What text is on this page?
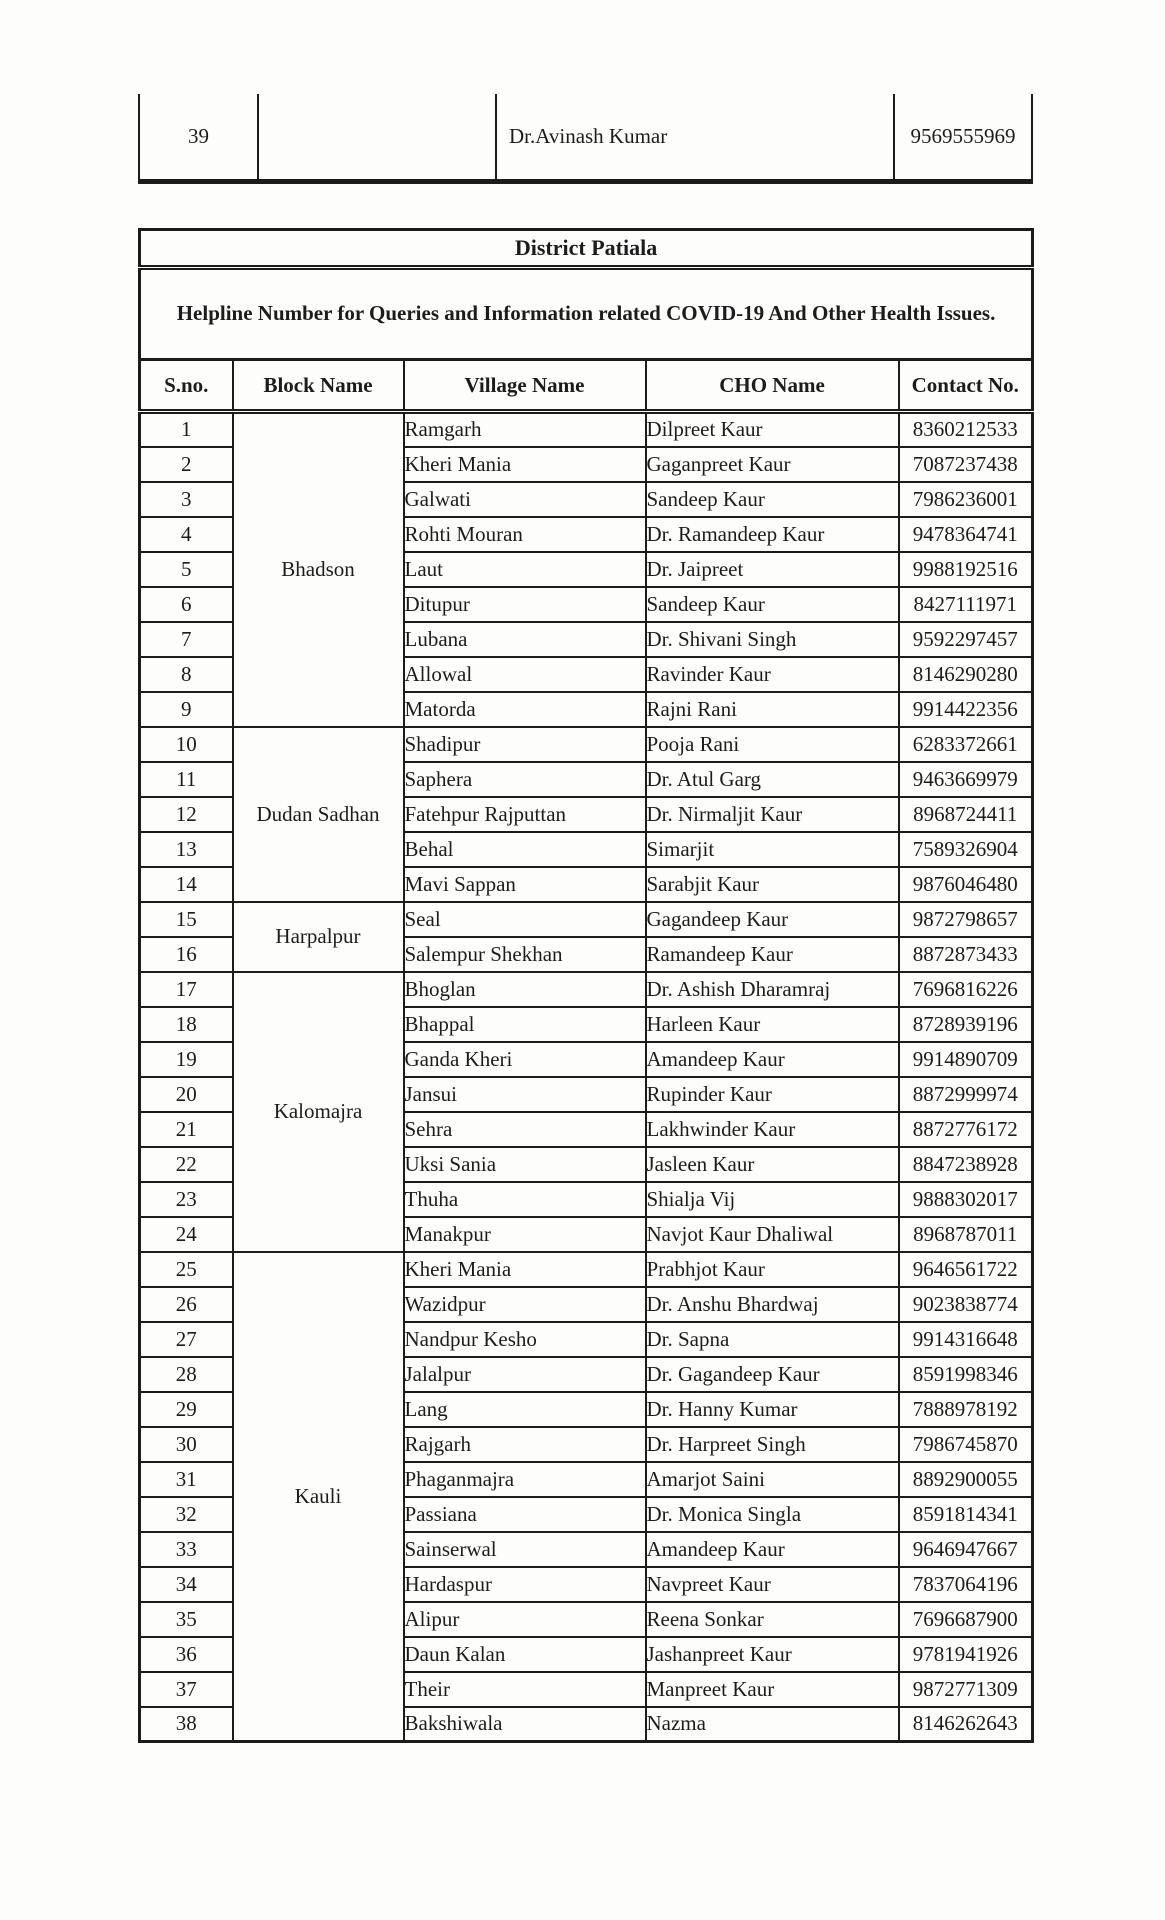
39		Dr.Avinash Kumar	9569555969
District Patiala				
Helpline Number for Queries and Information related COVID-19 And Other Health Issues.				
S.no.	Block Name	Village Name	CHO Name	Contact No.
1	Bhadson	Ramgarh	Dilpreet Kaur	8360212533
2		Kheri Mania	Gaganpreet Kaur	7087237438
3		Galwati	Sandeep Kaur	7986236001
4		Rohti Mouran	Dr. Ramandeep Kaur	9478364741
5		Laut	Dr. Jaipreet	9988192516
6		Ditupur	Sandeep Kaur	8427111971
7		Lubana	Dr. Shivani Singh	9592297457
8		Allowal	Ravinder Kaur	8146290280
9		Matorda	Rajni Rani	9914422356
10	Dudan Sadhan	Shadipur	Pooja Rani	6283372661
11		Saphera	Dr. Atul Garg	9463669979
12		Fatehpur Rajputtan	Dr. Nirmaljit Kaur	8968724411
13		Behal	Simarjit	7589326904
14		Mavi Sappan	Sarabjit Kaur	9876046480
15	Harpalpur	Seal	Gagandeep Kaur	9872798657
16		Salempur Shekhan	Ramandeep Kaur	8872873433
17	Kalomajra	Bhoglan	Dr. Ashish Dharamraj	7696816226
18		Bhappal	Harleen Kaur	8728939196
19		Ganda Kheri	Amandeep Kaur	9914890709
20		Jansui	Rupinder Kaur	8872999974
21		Sehra	Lakhwinder Kaur	8872776172
22		Uksi Sania	Jasleen Kaur	8847238928
23		Thuha	Shialja Vij	9888302017
24		Manakpur	Navjot Kaur Dhaliwal	8968787011
25	Kauli	Kheri Mania	Prabhjot Kaur	9646561722
26		Wazidpur	Dr. Anshu Bhardwaj	9023838774
27		Nandpur Kesho	Dr. Sapna	9914316648
28		Jalalpur	Dr. Gagandeep Kaur	8591998346
29		Lang	Dr. Hanny Kumar	7888978192
30		Rajgarh	Dr. Harpreet Singh	7986745870
31		Phaganmajra	Amarjot Saini	8892900055
32		Passiana	Dr. Monica Singla	8591814341
33		Sainserwal	Amandeep Kaur	9646947667
34		Hardaspur	Navpreet Kaur	7837064196
35		Alipur	Reena Sonkar	7696687900
36		Daun Kalan	Jashanpreet Kaur	9781941926
37		Their	Manpreet Kaur	9872771309
38		Bakshiwala	Nazma	8146262643
